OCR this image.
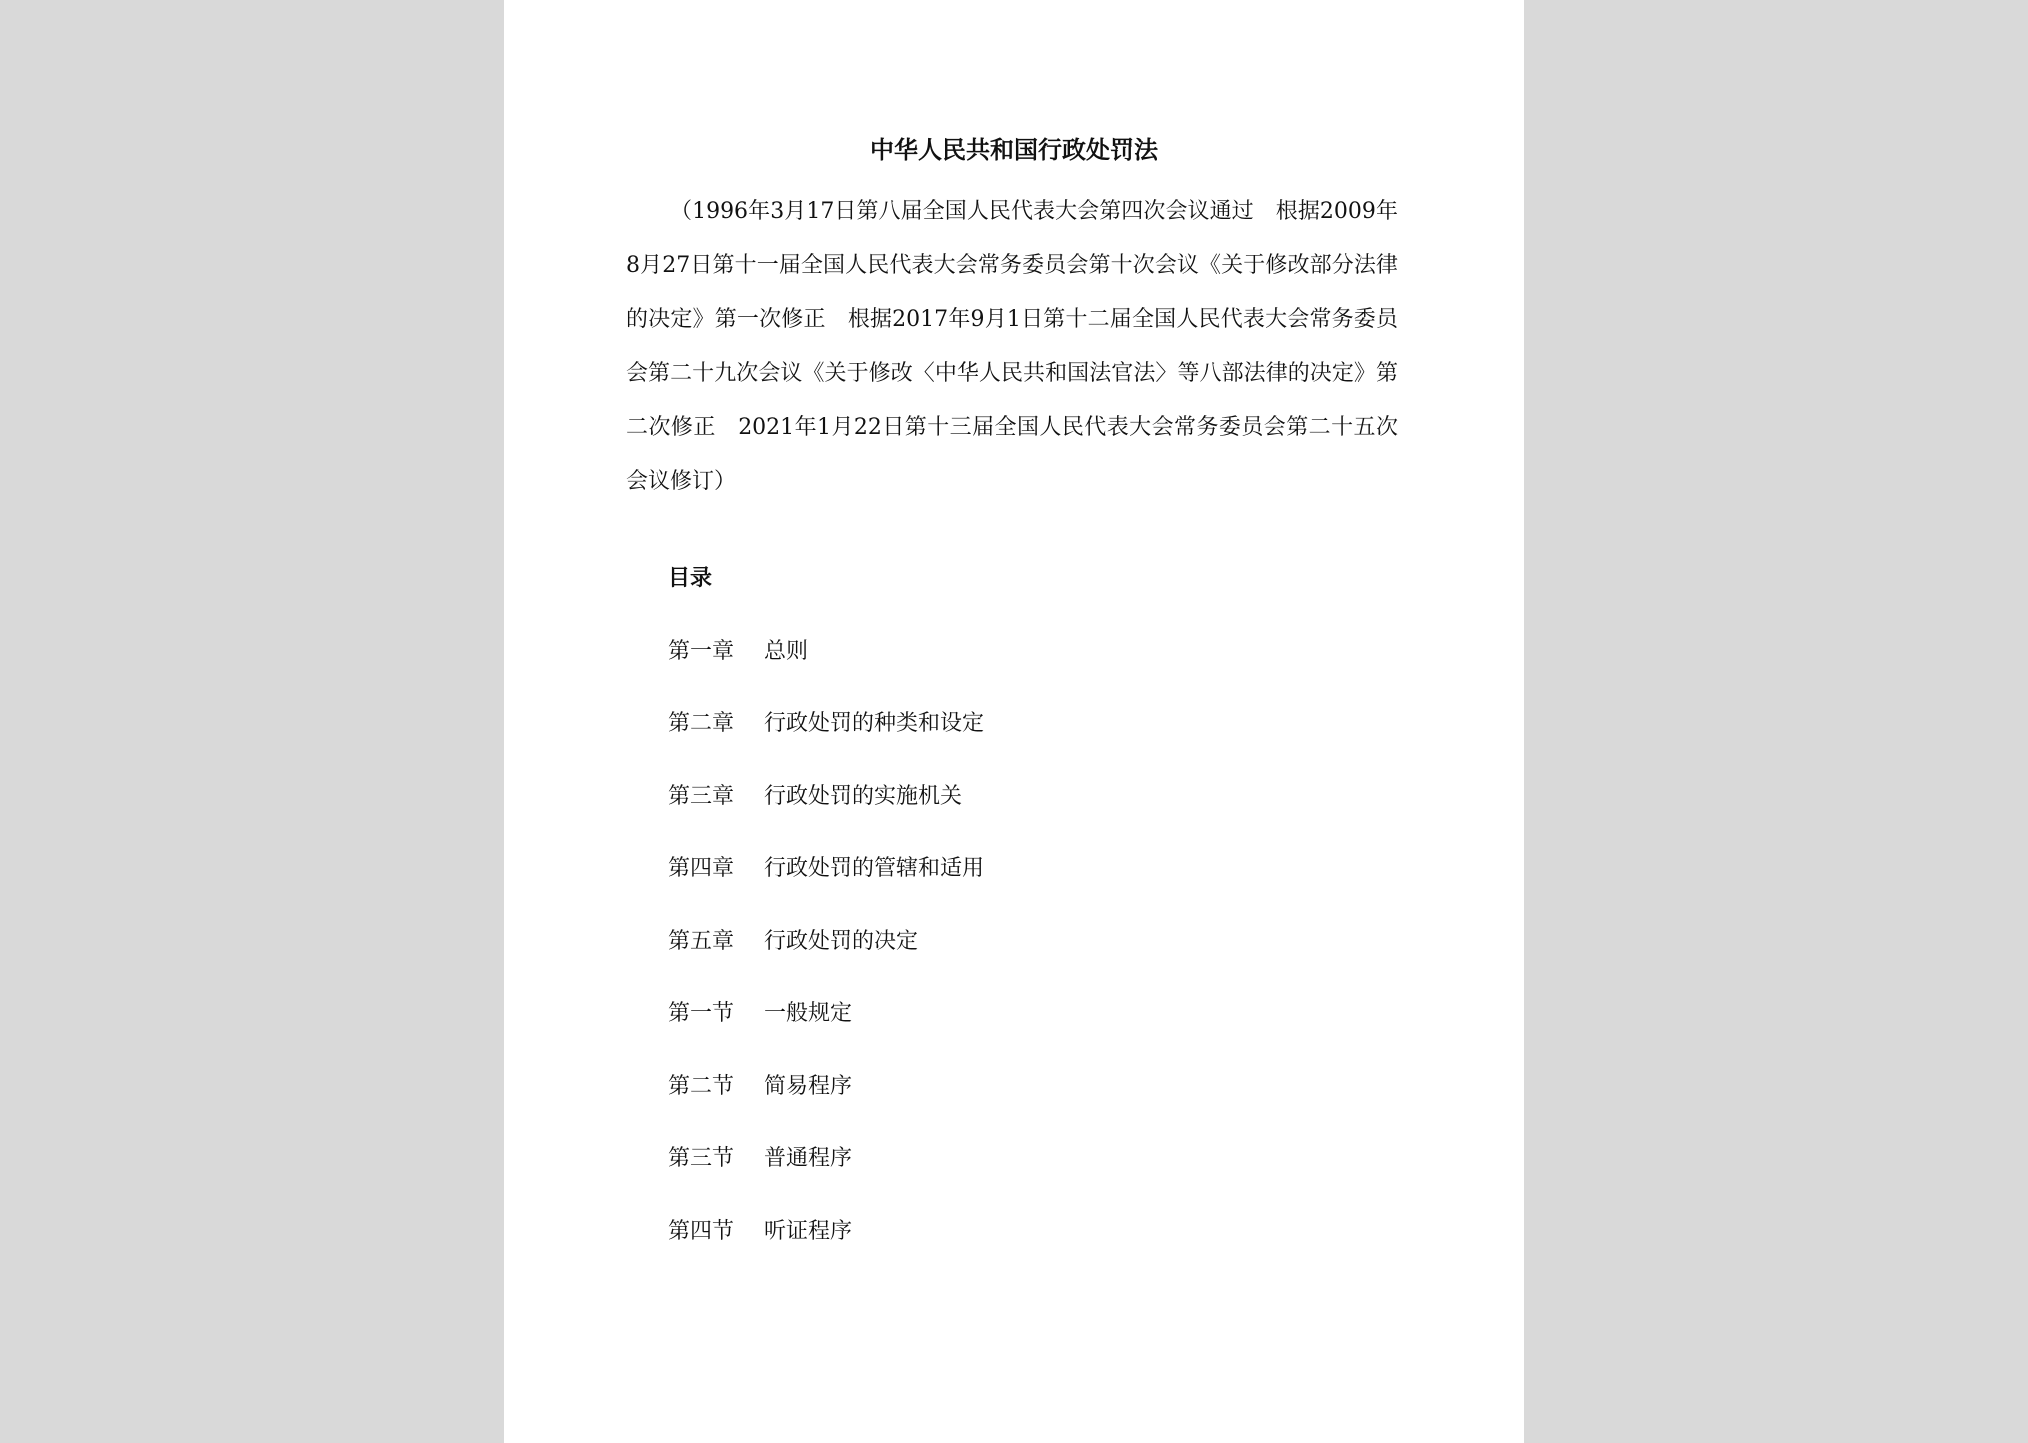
中华人民共和国行政处罚法

（1996年3月17日第八届全国人民代表大会第四次会议通过　根据2009年8月27日第十一届全国人民代表大会常务委员会第十次会议《关于修改部分法律的决定》第一次修正　根据2017年9月1日第十二届全国人民代表大会常务委员会第二十九次会议《关于修改〈中华人民共和国法官法〉等八部法律的决定》第二次修正　2021年1月22日第十三届全国人民代表大会常务委员会第二十五次会议修订）

目录
第一章 总则
第二章 行政处罚的种类和设定
第三章 行政处罚的实施机关
第四章 行政处罚的管辖和适用
第五章 行政处罚的决定
第一节 一般规定
第二节 简易程序
第三节 普通程序
第四节 听证程序
